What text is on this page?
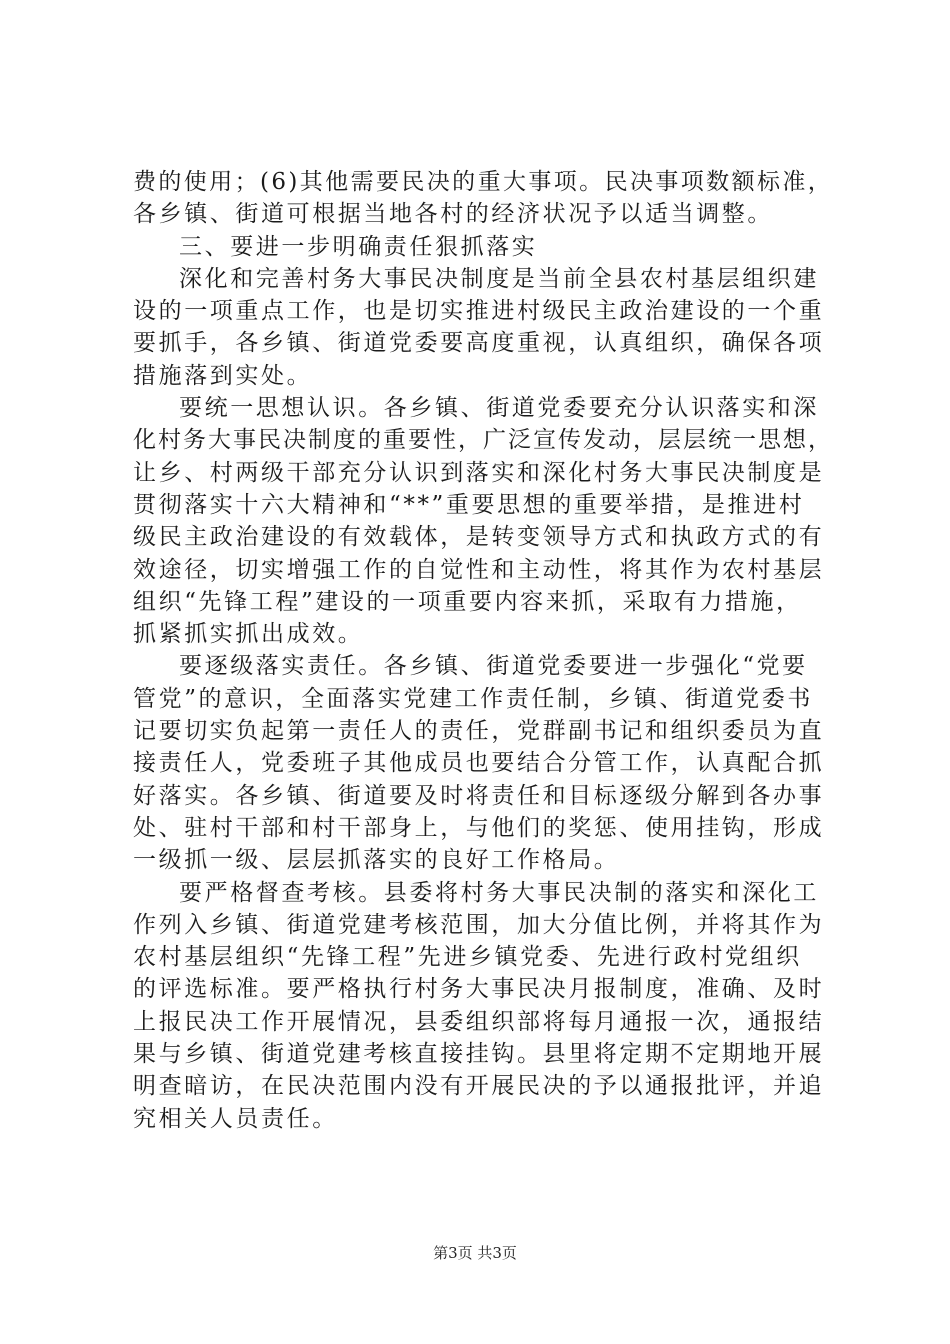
费的使用；(6)其他需要民决的重大事项。民决事项数额标准，
各乡镇、街道可根据当地各村的经济状况予以适当调整。
三、要进一步明确责任狠抓落实
深化和完善村务大事民决制度是当前全县农村基层组织建
设的一项重点工作，也是切实推进村级民主政治建设的一个重
要抓手，各乡镇、街道党委要高度重视，认真组织，确保各项
措施落到实处。
要统一思想认识。各乡镇、街道党委要充分认识落实和深
化村务大事民决制度的重要性，广泛宣传发动，层层统一思想，
让乡、村两级干部充分认识到落实和深化村务大事民决制度是
贯彻落实十六大精神和“**”重要思想的重要举措，是推进村
级民主政治建设的有效载体，是转变领导方式和执政方式的有
效途径，切实增强工作的自觉性和主动性，将其作为农村基层
组织“先锋工程”建设的一项重要内容来抓，采取有力措施，
抓紧抓实抓出成效。
要逐级落实责任。各乡镇、街道党委要进一步强化“党要
管党”的意识，全面落实党建工作责任制，乡镇、街道党委书
记要切实负起第一责任人的责任，党群副书记和组织委员为直
接责任人，党委班子其他成员也要结合分管工作，认真配合抓
好落实。各乡镇、街道要及时将责任和目标逐级分解到各办事
处、驻村干部和村干部身上，与他们的奖惩、使用挂钩，形成
一级抓一级、层层抓落实的良好工作格局。
要严格督查考核。县委将村务大事民决制的落实和深化工
作列入乡镇、街道党建考核范围，加大分值比例，并将其作为
农村基层组织“先锋工程”先进乡镇党委、先进行政村党组织
的评选标准。要严格执行村务大事民决月报制度，准确、及时
上报民决工作开展情况，县委组织部将每月通报一次，通报结
果与乡镇、街道党建考核直接挂钩。县里将定期不定期地开展
明查暗访，在民决范围内没有开展民决的予以通报批评，并追
究相关人员责任。
第3页 共3页
